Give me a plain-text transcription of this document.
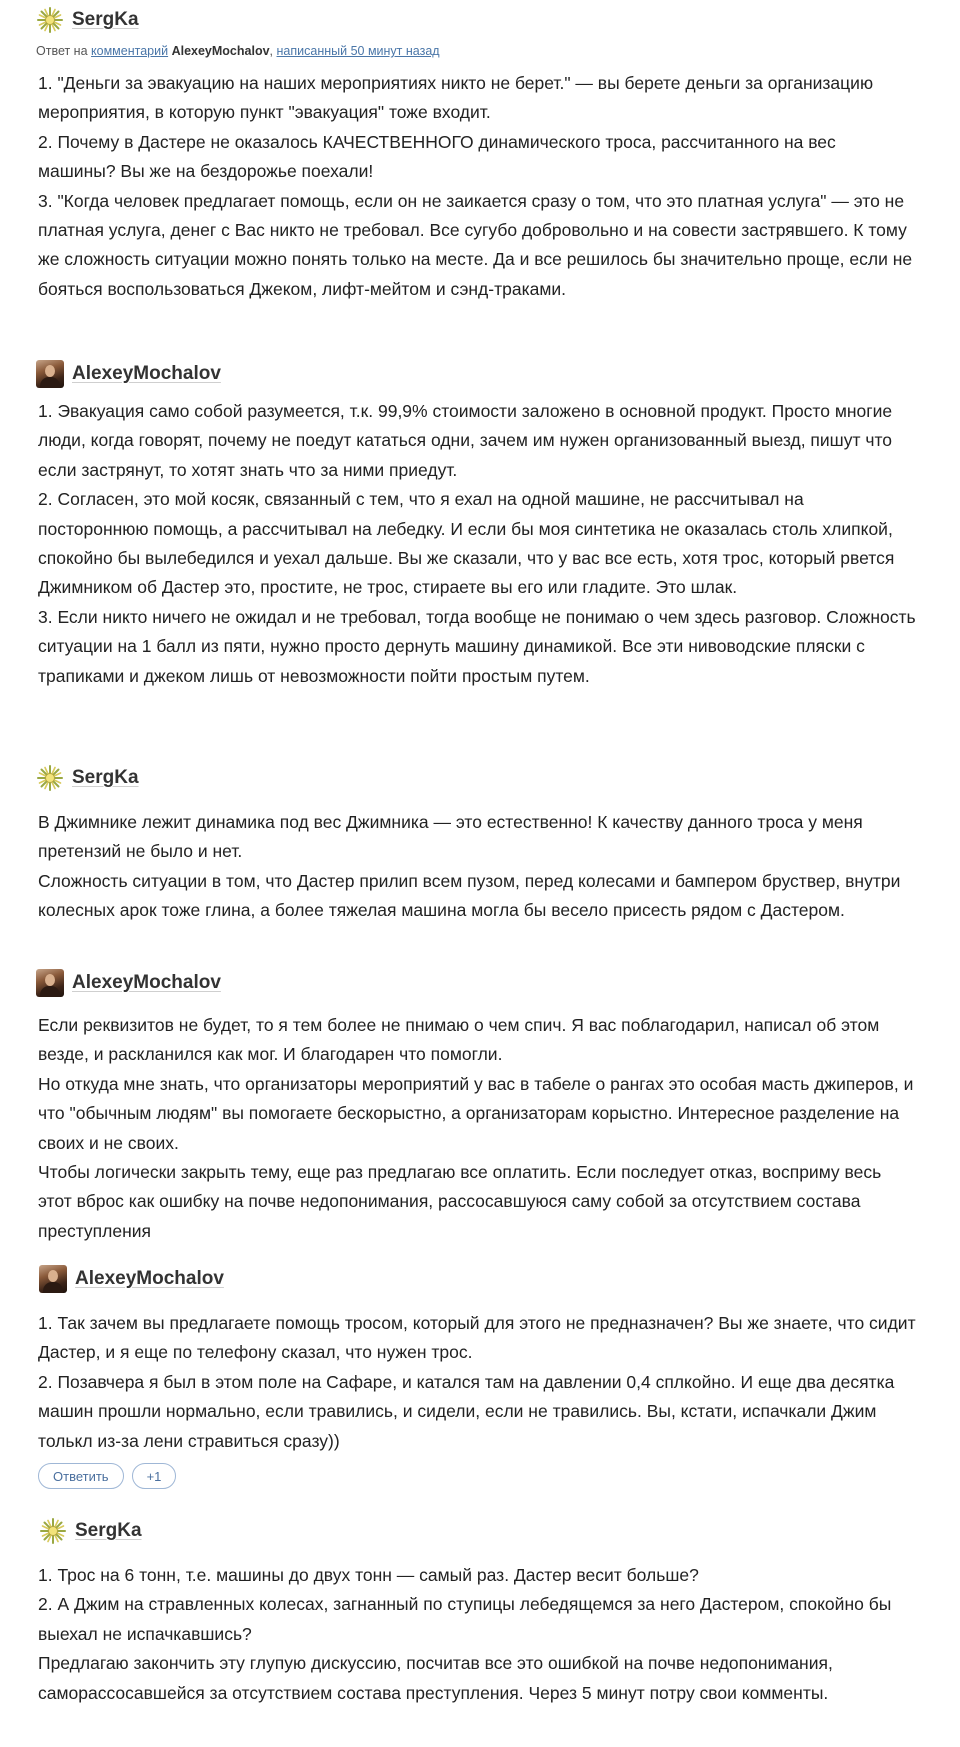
SergKa
Ответ на комментарий AlexeyMochalov, написанный 50 минут назад

1. "Деньги за эвакуацию на наших мероприятиях никто не берет." — вы берете деньги за организацию мероприятия, в которую пункт "эвакуация" тоже входит.

2. Почему в Дастере не оказалось КАЧЕСТВЕННОГО динамического троса, рассчитанного на вес машины? Вы же на бездорожье поехали!

3. "Когда человек предлагает помощь, если он не заикается сразу о том, что это платная услуга" — это не платная услуга, денег с Вас никто не требовал. Все сугубо добровольно и на совести застрявшего. К тому же сложность ситуации можно понять только на месте. Да и все решилось бы значительно проще, если не бояться воспользоваться Джеком, лифт-мейтом и сэнд-траками.

AlexeyMochalov

1. Эвакуация само собой разумеется, т.к. 99,9% стоимости заложено в основной продукт. Просто многие люди, когда говорят, почему не поедут кататься одни, зачем им нужен организованный выезд, пишут что если застрянут, то хотят знать что за ними приедут.

2. Согласен, это мой косяк, связанный с тем, что я ехал на одной машине, не рассчитывал на постороннюю помощь, а рассчитывал на лебедку. И если бы моя синтетика не оказалась столь хлипкой, спокойно бы вылебедился и уехал дальше. Вы же сказали, что у вас все есть, хотя трос, который рвется Джимником об Дастер это, простите, не трос, стираете вы его или гладите. Это шлак.

3. Если никто ничего не ожидал и не требовал, тогда вообще не понимаю о чем здесь разговор. Сложность ситуации на 1 балл из пяти, нужно просто дернуть машину динамикой. Все эти нивоводские пляски с трапиками и джеком лишь от невозможности пойти простым путем.

SergKa

В Джимнике лежит динамика под вес Джимника — это естественно! К качеству данного троса у меня претензий не было и нет.

Сложность ситуации в том, что Дастер прилип всем пузом, перед колесами и бампером бруствер, внутри колесных арок тоже глина, а более тяжелая машина могла бы весело присесть рядом с Дастером.

AlexeyMochalov

Если реквизитов не будет, то я тем более не пнимаю о чем спич. Я вас поблагодарил, написал об этом везде, и раскланился как мог. И благодарен что помогли.

Но откуда мне знать, что организаторы мероприятий у вас в табеле о рангах это особая масть джиперов, и что "обычным людям" вы помогаете бескорыстно, а организаторам корыстно. Интересное разделение на своих и не своих.

Чтобы логически закрыть тему, еще раз предлагаю все оплатить. Если последует отказ, восприму весь этот вброс как ошибку на почве недопонимания, рассосавшуюся саму собой за отсутствием состава преступления

AlexeyMochalov

1. Так зачем вы предлагаете помощь тросом, который для этого не предназначен? Вы же знаете, что сидит Дастер, и я еще по телефону сказал, что нужен трос.

2. Позавчера я был в этом поле на Сафаре, и катался там на давлении 0,4 сплкойно. И еще два десятка машин прошли нормально, если травились, и сидели, если не травились. Вы, кстати, испачкали Джим толькл из-за лени стравиться сразу))

Ответить	+1
SergKa

1. Трос на 6 тонн, т.е. машины до двух тонн — самый раз. Дастер весит больше?

2. А Джим на стравленных колесах, загнанный по ступицы лебедящемся за него Дастером, спокойно бы выехал не испачкавшись?

Предлагаю закончить эту глупую дискуссию, посчитав все это ошибкой на почве недопонимания, саморассосавшейся за отсутствием состава преступления. Через 5 минут потру свои комменты.
